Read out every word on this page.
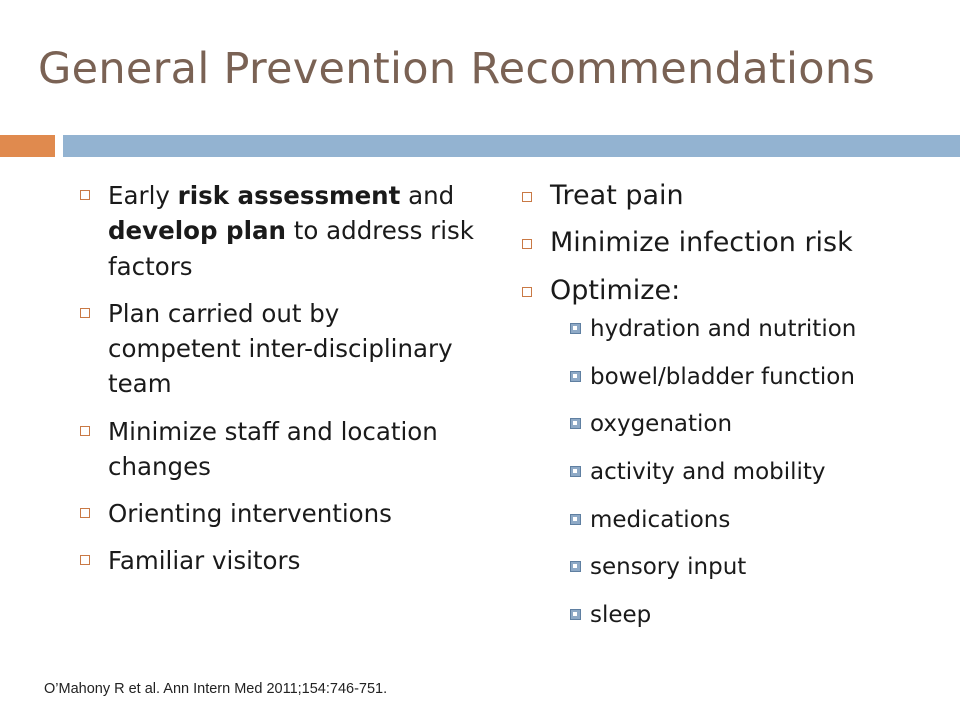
General Prevention Recommendations
Early risk assessment and develop plan to address risk factors
Plan carried out by competent inter-disciplinary team
Minimize staff and location changes
Orienting interventions
Familiar visitors
Treat pain
Minimize infection risk
Optimize:
hydration and nutrition
bowel/bladder function
oxygenation
activity and mobility
medications
sensory input
sleep
O’Mahony R et al. Ann Intern Med 2011;154:746-751.
